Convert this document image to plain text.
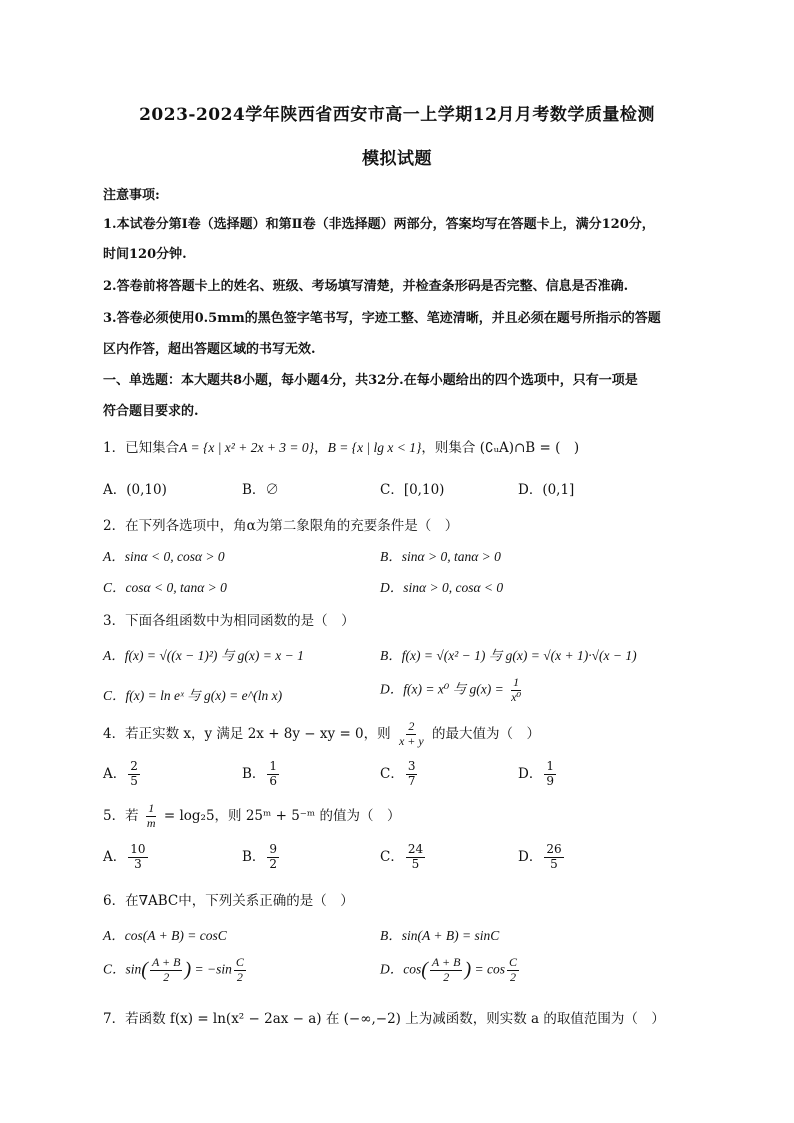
2023-2024学年陕西省西安市高一上学期12月月考数学质量检测
模拟试题
注意事项:
1.本试卷分第Ⅰ卷（选择题）和第Ⅱ卷（非选择题）两部分，答案均写在答题卡上，满分120分，
时间120分钟.
2.答卷前将答题卡上的姓名、班级、考场填写清楚，并检查条形码是否完整、信息是否准确.
3.答卷必须使用0.5mm的黑色签字笔书写，字迹工整、笔迹清晰，并且必须在题号所指示的答题
区内作答，超出答题区域的书写无效.
一、单选题：本大题共8小题，每小题4分，共32分.在每小题给出的四个选项中，只有一项是
符合题目要求的.
1．已知集合A = {x | x² + 2x + 3 = 0}，B = {x | lg x < 1}，则集合 (∁ᵤA)∩B = (　)
A．(0,10)	B．∅	C．[0,10)	D．(0,1]
2．在下列各选项中，角α为第二象限角的充要条件是（　）
A．sinα < 0, cosα > 0	B．sinα > 0, tanα > 0
C．cosα < 0, tanα > 0	D．sinα > 0, cosα < 0
3．下面各组函数中为相同函数的是（　）
A．f(x) = √((x − 1)²) 与 g(x) = x − 1	B．f(x) = √(x² − 1) 与 g(x) = √(x + 1)·√(x − 1)
C．f(x) = ln eˣ 与 g(x) = e^(ln x)	D．f(x) = x⁰ 与 $g(x) = \frac{1}{\text{x⁰}}$
4．若正实数 x，y 满足 2x + 8y − xy = 0，则 $\frac{2}{x + y}$ 的最大值为（　）
A． $\frac{2}{5}$	B． $\frac{1}{6}$	C． $\frac{3}{7}$	D． $\frac{1}{9}$
5．若 $\frac{1}{m} = \log_25$，则 25ᵐ + 5⁻ᵐ 的值为（　）
A． $\frac{10}{3}$	B． $\frac{9}{2}$	C． $\frac{24}{5}$	D． $\frac{26}{5}$
6．在∇ABC中，下列关系正确的是（　）
A．cos(A + B) = cosC	B．sin(A + B) = sinC
C．$\sin( \frac{A + B}{2}$ ) = $-\sin \frac{C}{2}$	D．$\cos( \frac{A + B}{2}$ ) = $\cos \frac{C}{2}$
7．若函数 f(x) = ln(x² − 2ax − a) 在 (−∞,−2) 上为减函数，则实数 a 的取值范围为（　）
